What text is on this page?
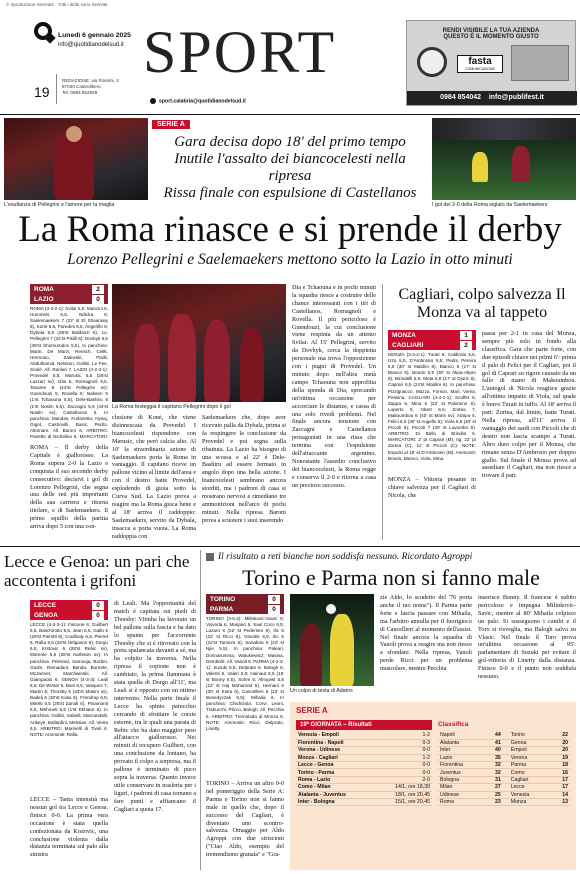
© riproduzione riservata · Tutti i diritti sono riservati
Lunedì 6 gennaio 2025
info@quotidianodelsud.it SPORT
19
REDAZIONE: via Rossini, 2
87040 Castrolibero
Tel. 0984 852828
sport.calabria@quotidianodelsud.it
RENDI VISIBILE LA TUA AZIENDA
QUESTO È IL MOMENTO GIUSTO
fasta
COMUNICAZIONE
0984 854042 info@publifest.it
L'esultanza di Pellegrini e l'amore per la maglia
SERIE A
Gara decisa dopo 18' del primo tempo
Inutile l'assalto dei biancocelesti nella ripresa
Rissa finale con espulsione di Castellanos
I gol del 2-0 della Roma siglato da Saelemaekers
La Roma rinasce e si prende il derby
Lorenzo Pellegrini e Saelemaekers mettono sotto la Lazio in otto minuti
ROMA	2
LAZIO	0
ROMA (3-4-2-1): Svilar 6,5; Mancini 6, Hummels 6,5, Ndicka 6; Saelemaekers 7 (22' st El Shaarawy 6), Konè 6,5, Paredes 6,5, Angeliño 6; Dybala 6,5 (28'st Baldanzi 6), Lo. Pellegrini 7 (22'st Pisilli 6); Dovbyk 6,5 (38'st Shomurodov 5,5). In panchina: Marin, De Marzi, Rensch, Celik, Hermoso, Zalewski, Pisilli, Abdulhamid, Nelsson, Gollini, Le Fee, Soulè. All. Ranieri 7. LAZIO (4-2-3-1): Provedel 6,5; Marusic 5,5 (26'st Lazzari sv), Gila 5, Romagnoli 5,5, Tavares 6 (44'st Pellegrini sv); Guendouzi 5, Rovella 6; Isaksen 5 (1'st Tchaouna 5,5), Dele-Bashiru 6 (1'st Noslin 5,5), Zaccagni 5,5 (44'st Noslin sv); Castellanos 5. In panchina: Mandas, Furlanetto, Hysaj, Gigot, Castrovilli, Basic, Pedro, Altomare. All. Baroni 6. ARBITRO: Pairetto di Nichelino 6. MARCATORI:
ROMA – Il derby della Capitale è giallorosso. La Roma supera 2-0 la Lazio e conquista il suo secondo derby consecutivo: decisivi i gol di Lorenzo Pellegrini, che segna una delle reti più importanti della sua carriera e ritorna titolare, e di Saelemaekers. Il primo squillo della partita arriva dopo 5 con una con-
La Roma festeggia il capitano Pellegrini dopo il gol
clusione di Konè, che viene disinnescata da Provedel. I biancocelesti rispondono con Marusic, che però calcia alto. Al 10' la straordinaria azione di Saelemaekers porta la Roma in vantaggio. Il capitano riceve un pallone vicino al limite dell'area e con il destro batte Provedel, esplodendo di gioia sotto la Curva Sud. La Lazio prova a reagire ma la Roma gioca bene e al 18' arriva il raddoppio: Saelemaekers, servito da Dybala, insacca a porta vuota. La Roma raddoppia con
Saelemaekers che, dopo aver ricevuto palla da Dybala, prima si fa respingere la conclusione da Provedel e poi segna sulla ribattuta. La Lazio ha bisogno di una scossa e al 22' è Dele-Bashiru ad essere fermato in angolo dopo una bella azione. I biancocelesti sembrano ancora storditi, ma i padroni di casa si mostrano nervosi e rimediano tre ammonizioni nell'arco di pochi minuti. Nella ripresa Baroni prova a scuotere i suoi inserendo
Dia e Tchaouna e in pochi minuti la squadra riesce a costruire delle chance interessanti con i tiri di Castellanos, Romagnoli e Rovella. Il più pericoloso è Guendouzi, la cui conclusione viene respinta da un attento Svilar. Al 15' Pellegrini, servito da Dovbyk, cerca la doppietta personale ma trova l'opposizione con i pugni di Provedel. Un minuto dopo nell'altra metà campo Tchaouna non approfitta della sponda di Dia, sprecando un'ottima occasione per accorciare le distanze, e cassa di una solo rivedi problemi. Nel finale ancora tensione con Zaccagni e Castellanos protagonisti in una rissa che termina con l'espulsione dell'attaccante argentino. Nonostante l'assedio conclusivo dei biancocelesti, la Roma regge e conserva il 2-0 e ritorna a casa un prezioso successo.
Cagliari, colpo salvezza Il Monza va al tappeto
MONZA	1
CAGLIARI	2
MONZA (3-4-2-1): Turati 6; Caldirola 5,5, Izzo 5,5, D'Ambrosio 5,5; Pedro Pereira 5,5 (30' st Maldini 6), Bianco 6 (17' st Bianco 6), Bondo 5,5 (30' st Akpa-Akpro 6), Birindelli 5,5; Mota 5,5 (17' st Djuric 6), Caprari 6,5 (24'st Maldini 6). In panchina: Pizzignacco, Mazza, Forson, Marì, Vieira, Pessina. CAGLIARI (4-4-1-1): Scuffet 6; Zappa 6, Mina 6 (22' st Palomino 6), Luperto 6, Obert 6,5; Zortea 7, Makoumbou 6 (40' st Marin sv), Adopo 6, Felici 6,5 (30' st Augello 6); Viola 6,5 (40' st Piccoli 6); Piccoli 7 (30' st Luvumbo 6). ARBITRO: Di Bello di Brindisi 6. MARCATORI: 2' pt Caprari (M), rig. 22' pt Zortea (C), 11' st Piccoli (C). NOTE: Espulsi al 18' st D'Ambrosio (M). Ammoniti: Bondo, Bianco, Viola, Mina.
MONZA – Vittoria pesante in chiave salvezza per il Cagliari di Nicola, che
passa per 2-1 in casa del Monza, sempre più solo in fondo alla classifica. Gara che parte forte, con due episodi chiave nei primi 6': prima il palo di Felici per il Cagliari, poi il gol di Caprari su rigore causato da un fallo di mano di Makoumbou. L'autogol di Nicola reagisce grazie all'ottimo impatto di Viola, sul quale è bravo Turati in tuffo. Al 18' arriva il pari: Zortea, dal limite, batte Turati. Nella ripresa, all'11' arriva il vantaggio dei sardi con Piccoli che di destro non lascia scampo a Turati. Altro duro colpo per il Monza, che rimane senza D'Ambrosio per doppio giallo. Sul finale il Monza prova ad assediare il Cagliari, ma non riesce a trovare il pari.
Lecce e Genoa: un pari che accontenta i grifoni
LECCE	0
GENOA	0
LECCE (4-2-3-1): Falcone 6; Guilbert 6,5, Baschirotto 6,5, Jean 6,5, Gallo 6 (28'st Pierotti 6); Coulibaly 6,5, Pierret 6, Rafia 6,5 (28'st Helgason 6); Dorgu 6,5, Krstovic 6 (28'st Rebic sv), Morente 5,5 (28'st Karlsson sv). In panchina: Pelmard, Samooja, Borbei, Oudin, Ramadani, Banda, Burnete, McJannet, Marchwinski. All. Giampaolo 6. GENOA (4-3-3): Leali 6,5; De Winter 6, Bani 6,5, Vasquez 7, Martin 6; Thorsby 6 (43'st Masini sv), Badelj 6 (30'st Kasa 6), Frendrup 6,5; Miretti 5,5 (26'st Zanoli 6), Pinamonti 6,5, Mehmeti 5,5 (1'st Ekhator 6). In panchina: Gollini, Sabelli, Marcandalli, Ankeye, Ballardini, Messias. All. Vieira 6,5. ARBITRO: Marinelli di Tivoli 6. NOTE: Ammoniti: Rafia.
LECCE – Tanta intensità ma nessun gol tra Lecce e Genoa: finisce 0-0. La prima vera occasione è stata quella confezionata da Krstovic, una conclusione violenta dalla distanza terminata sul palo alla sinistra
di Leali. Ma l'opportunità del match è capitata sui piedi di Thorsby: Vitinha ha lavorato un bel pallone sulla fascia e ha dato lo spunto per l'accorrente Thorsby che si è ritrovato con la porta spalancata davanti a sé, ma ha colpito la traversa. Nella ripresa il copione non è cambiato, la prima fiammata è stata quella di Dorgu all'11', ma Leali si è opposto con un ottimo intervento. Nella parte finale il Lecce ha spinto parecchio cercando di sfruttare le corsie esterne, tra le quali una parata di Rebic che ha dato maggior peso all'attacco giallorosso. Nei minuti di recupero Guilbert, con una conclusione da lontano, ha provato il colpo a sorpresa, ma il pallone è terminato di poco sopra la traversa. Quanto invece utile conservare in trasferta per i liguri, i padroni di casa tornano a fare punti e affiancano il Cagliari a quota 17.
Il risultato a reti bianche non soddisfa nessuno. Ricordato Agroppi
Torino e Parma non si fanno male
TORINO	0
PARMA	0
TORINO (3-5-2): Milinkovic-Savic 6; Vojvoda 6, Maripan 6, Saul Coco 6,5; Lazaro 6 (22' st Pedersen 6), Ilic 6 (22' st Ricci 6), Gineitis 6,5, Ilic 5 (22'st Tameze 6); Sanabria 6 (22' st Njie 5,5). In panchina: Paleari, Donnarumma, Walukiewicz, Masina, Dembelé. All. Vanoli 6. PARMA (4-2-3-1): Suzuki 6,5; Delprato 6, Balogh 6, Valenti 6, Valeri 5,5; Hainaut 5,5 (15' st Bonny 5,5), Sohm 6; Almqvist 5,5 (22' st Haj Mohamed 6), Hernani 6 (30' st Keita 6), Cancellieri 6 (22' st Benedyczak 5,5); Mihaila 6. In panchina: Chichizola, Corvi, Leoni, Trabucchi, Plicco, Balogh. All. Pecchia 6. ARBITRO: Tremolada di Monza 6. NOTE: Ammoniti: Ricci, Delprato, Linetty.
TORINO – Arriva un altro 0-0 nel pomeriggio della Serie A: Parma e Torino non si fanno male in quello che, dopo il successo del Cagliari, è diventato uno scontro-salvezza. Omaggio per Aldo Agroppi con due striscioni ("Ciao Aldo, esempio del tremendismo granata" e "Gra-
Un colpo di testa di Adams
zie Aldo, lo scudetto del '76 porta anche il tuo nome"). Il Parma parte forte e lascia passare con Mihaila, ma l'arbitro annulla per il fuorigioco di Cancellieri al momento dell'assist. Nel finale ancora la squadra di Vanoli prova a reagire ma non riesce a sfondare. Nella ripresa, Vanoli perde Ricci per un problema muscolare, mentre Pecchia
inserisce Bonny. Il francese è subito pericoloso e impegna Milinkovic-Savic, mentre al 80' Mihaila colpisce un palo. Si susseguono i cambi e il Toro si risveglia, ma Balogh salva su Vlasic. Nel finale il Toro prova un'ultima occasione al 95': parlamentare di Suzuki per evitare il gol-vittoria di Linetty dalla distanza. Finisce 0-0 e il punto non soddisfa nessuno.
SERIE A
19ª GIORNATA – Risultati
Venezia - Empoli	1-2
Fiorentina - Napoli	0-3
Verona - Udinese	0-0
Monza - Cagliari	1-2
Lecce - Genoa	0-0
Torino - Parma	0-0
Roma - Lazio	2-0
Como - Milan	14/1, ore 18,30
Atalanta - Juventus	18/1, ore 20,45
Inter - Bologna	15/1, ore 20,45
Classifica
Napoli	44	Torino	22
Atalanta	41	Genoa	20
Inter	40	Empoli	20
Lazio	35	Verona	19
Fiorentina	32	Parma	18
Juventus	32	Como	16
Bologna	31	Cagliari	17
Milan	27	Lecce	17
Udinese	25	Venezia	14
Roma	23	Monza	13
